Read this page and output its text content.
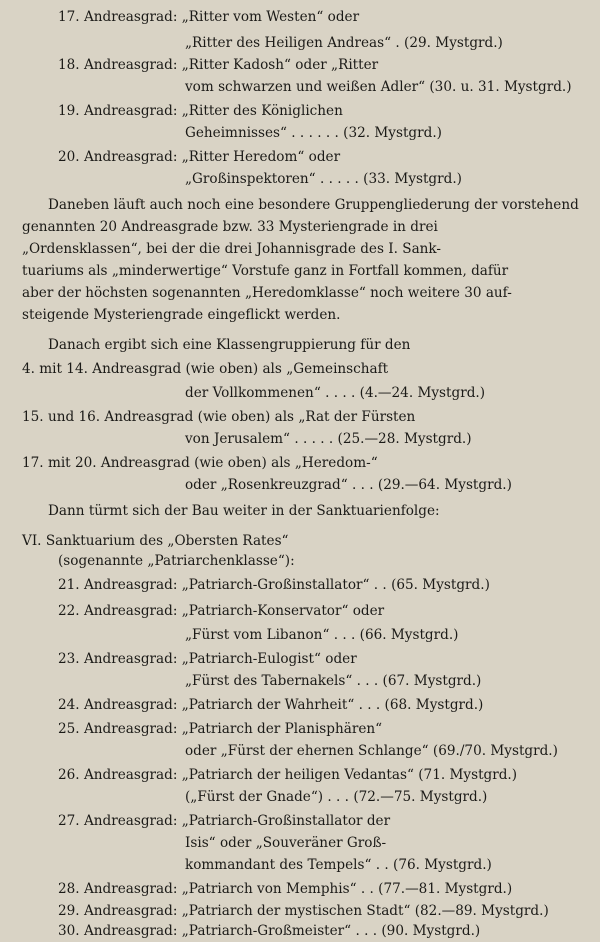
17. Andreasgrad: „Ritter vom Westen“ oder
„Ritter des Heiligen Andreas“ . (29. Mystgrd.)
18. Andreasgrad: „Ritter Kadosh“ oder „Ritter
vom schwarzen und weißen Adler“ (30. u. 31. Mystgrd.)
19. Andreasgrad: „Ritter des Königlichen
Geheimnisses“ . . . . . . (32. Mystgrd.)
20. Andreasgrad: „Ritter Heredom“ oder
„Großinspektoren“ . . . . . (33. Mystgrd.)
Daneben läuft auch noch eine besondere Gruppengliederung der vorstehend
genannten 20 Andreasgrade bzw. 33 Mysteriengrade in drei
„Ordensklassen“, bei der die drei Johannisgrade des I. Sank-
tuariums als „minderwertige“ Vorstufe ganz in Fortfall kommen, dafür
aber der höchsten sogenannten „Heredomklasse“ noch weitere 30 auf-
steigende Mysteriengrade eingeflickt werden.
Danach ergibt sich eine Klassengruppierung für den
4. mit 14. Andreasgrad (wie oben) als „Gemeinschaft
der Vollkommenen“ . . . . (4.—24. Mystgrd.)
15. und 16. Andreasgrad (wie oben) als „Rat der Fürsten
von Jerusalem“ . . . . . (25.—28. Mystgrd.)
17. mit 20. Andreasgrad (wie oben) als „Heredom-“
oder „Rosenkreuzgrad“ . . . (29.—64. Mystgrd.)
Dann türmt sich der Bau weiter in der Sanktuarienfolge:
VI. Sanktuarium des „Obersten Rates“
(sogenannte „Patriarchenklasse“):
21. Andreasgrad: „Patriarch-Großinstallator“ . . (65. Mystgrd.)
22. Andreasgrad: „Patriarch-Konservator“ oder
„Fürst vom Libanon“ . . . (66. Mystgrd.)
23. Andreasgrad: „Patriarch-Eulogist“ oder
„Fürst des Tabernakels“ . . . (67. Mystgrd.)
24. Andreasgrad: „Patriarch der Wahrheit“ . . . (68. Mystgrd.)
25. Andreasgrad: „Patriarch der Planisphären“
oder „Fürst der ehernen Schlange“ (69./70. Mystgrd.)
26. Andreasgrad: „Patriarch der heiligen Vedantas“ (71. Mystgrd.)
(„Fürst der Gnade“) . . . (72.—75. Mystgrd.)
27. Andreasgrad: „Patriarch-Großinstallator der
Isis“ oder „Souveräner Groß-
kommandant des Tempels“ . . (76. Mystgrd.)
28. Andreasgrad: „Patriarch von Memphis“ . . (77.—81. Mystgrd.)
29. Andreasgrad: „Patriarch der mystischen Stadt“ (82.—89. Mystgrd.)
30. Andreasgrad: „Patriarch-Großmeister“ . . . (90. Mystgrd.)
